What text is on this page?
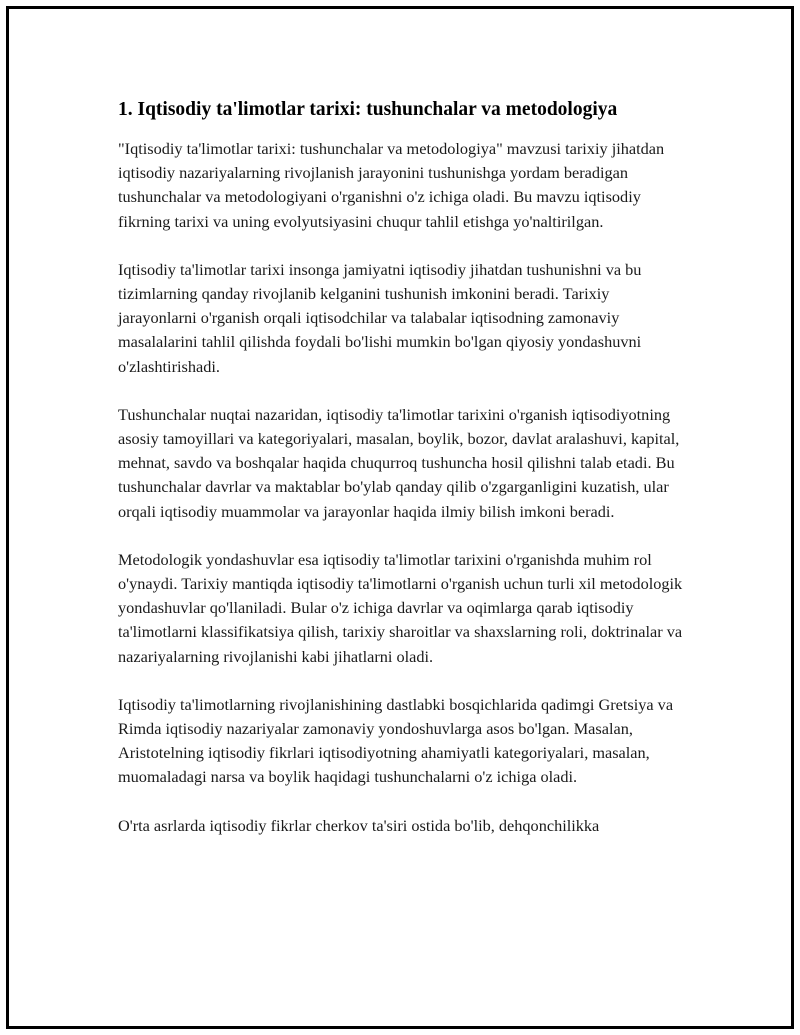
1. Iqtisodiy ta'limotlar tarixi: tushunchalar va metodologiya

"Iqtisodiy ta'limotlar tarixi: tushunchalar va metodologiya" mavzusi tarixiy jihatdan iqtisodiy nazariyalarning rivojlanish jarayonini tushunishga yordam beradigan tushunchalar va metodologiyani o'rganishni o'z ichiga oladi. Bu mavzu iqtisodiy fikrning tarixi va uning evolyutsiyasini chuqur tahlil etishga yo'naltirilgan.

Iqtisodiy ta'limotlar tarixi insonga jamiyatni iqtisodiy jihatdan tushunishni va bu tizimlarning qanday rivojlanib kelganini tushunish imkonini beradi. Tarixiy jarayonlarni o'rganish orqali iqtisodchilar va talabalar iqtisodning zamonaviy masalalarini tahlil qilishda foydali bo'lishi mumkin bo'lgan qiyosiy yondashuvni o'zlashtirishadi.

Tushunchalar nuqtai nazaridan, iqtisodiy ta'limotlar tarixini o'rganish iqtisodiyotning asosiy tamoyillari va kategoriyalari, masalan, boylik, bozor, davlat aralashuvi, kapital, mehnat, savdo va boshqalar haqida chuqurroq tushuncha hosil qilishni talab etadi. Bu tushunchalar davrlar va maktablar bo'ylab qanday qilib o'zgarganligini kuzatish, ular orqali iqtisodiy muammolar va jarayonlar haqida ilmiy bilish imkoni beradi.

Metodologik yondashuvlar esa iqtisodiy ta'limotlar tarixini o'rganishda muhim rol o'ynaydi. Tarixiy mantiqda iqtisodiy ta'limotlarni o'rganish uchun turli xil metodologik yondashuvlar qo'llaniladi. Bular o'z ichiga davrlar va oqimlarga qarab iqtisodiy ta'limotlarni klassifikatsiya qilish, tarixiy sharoitlar va shaxslarning roli, doktrinalar va nazariyalarning rivojlanishi kabi jihatlarni oladi.

Iqtisodiy ta'limotlarning rivojlanishining dastlabki bosqichlarida qadimgi Gretsiya va Rimda iqtisodiy nazariyalar zamonaviy yondoshuvlarga asos bo'lgan. Masalan, Aristotelning iqtisodiy fikrlari iqtisodiyotning ahamiyatli kategoriyalari, masalan, muomaladagi narsa va boylik haqidagi tushunchalarni o'z ichiga oladi.

O'rta asrlarda iqtisodiy fikrlar cherkov ta'siri ostida bo'lib, dehqonchilikka
